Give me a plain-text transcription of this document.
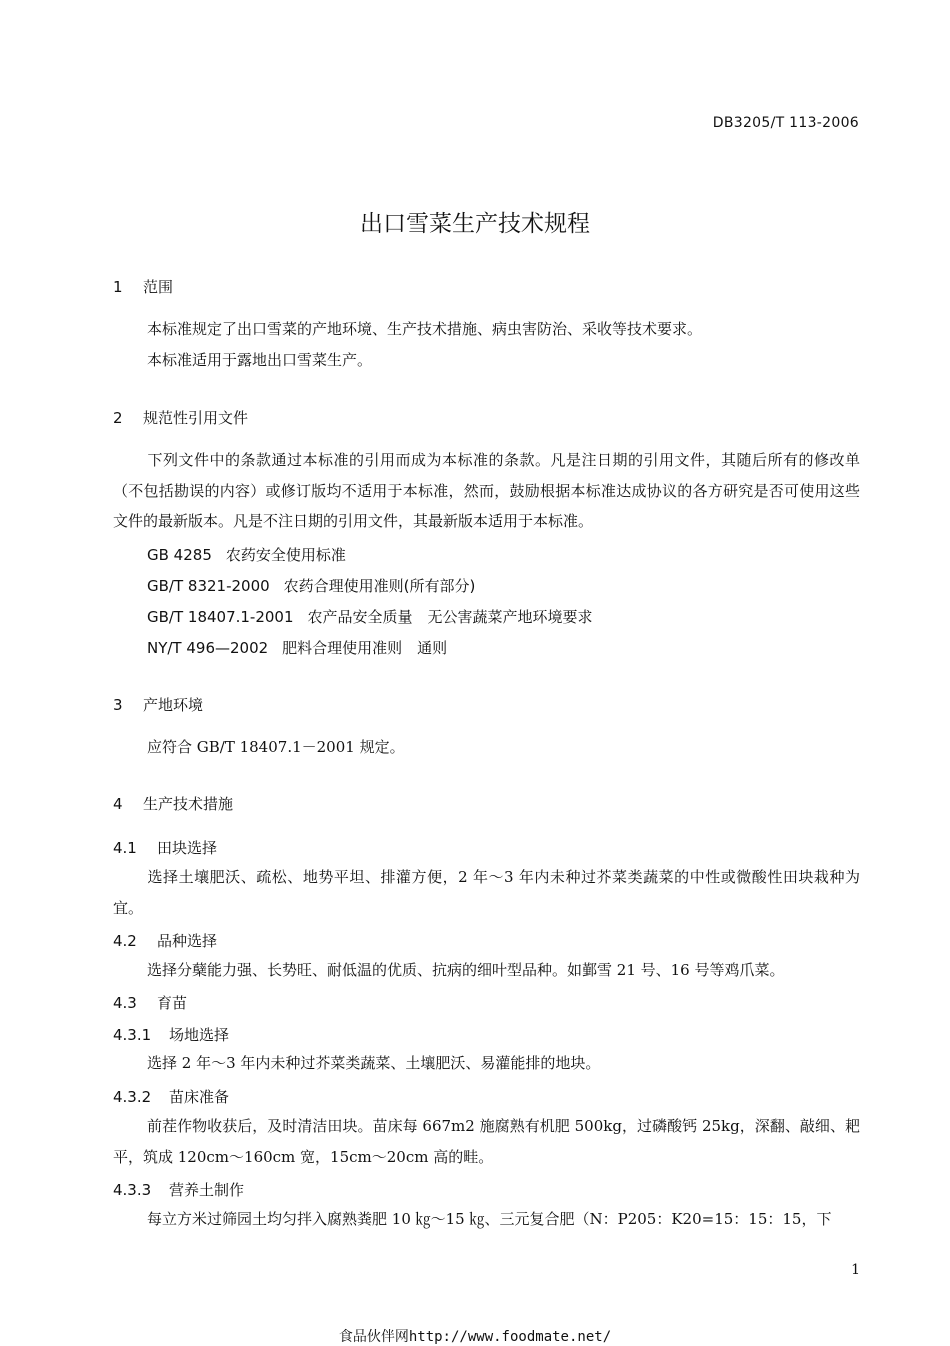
DB3205/T 113-2006
出口雪菜生产技术规程
1 范围
本标准规定了出口雪菜的产地环境、生产技术措施、病虫害防治、采收等技术要求。
本标准适用于露地出口雪菜生产。
2 规范性引用文件
下列文件中的条款通过本标准的引用而成为本标准的条款。凡是注日期的引用文件，其随后所有的修改单（不包括勘误的内容）或修订版均不适用于本标准，然而，鼓励根据本标准达成协议的各方研究是否可使用这些文件的最新版本。凡是不注日期的引用文件，其最新版本适用于本标准。
GB 4285 农药安全使用标准
GB/T 8321-2000 农药合理使用准则(所有部分)
GB/T 18407.1-2001 农产品安全质量　无公害蔬菜产地环境要求
NY/T 496—2002 肥料合理使用准则　通则
3 产地环境
应符合 GB/T 18407.1－2001 规定。
4 生产技术措施
4.1 田块选择
选择土壤肥沃、疏松、地势平坦、排灌方便，2 年～3 年内未种过芥菜类蔬菜的中性或微酸性田块栽种为宜。
4.2 品种选择
选择分蘖能力强、长势旺、耐低温的优质、抗病的细叶型品种。如鄞雪 21 号、16 号等鸡爪菜。
4.3 育苗
4.3.1 场地选择
选择 2 年～3 年内未种过芥菜类蔬菜、土壤肥沃、易灌能排的地块。
4.3.2 苗床准备
前茬作物收获后，及时清洁田块。苗床每 667m2 施腐熟有机肥 500kg，过磷酸钙 25kg，深翻、敲细、耙平，筑成 120cm～160cm 宽，15cm～20cm 高的畦。
4.3.3 营养土制作
每立方米过筛园土均匀拌入腐熟粪肥 10 ㎏～15 ㎏、三元复合肥（N：P205：K20=15：15：15，下
1
食品伙伴网http://www.foodmate.net/
